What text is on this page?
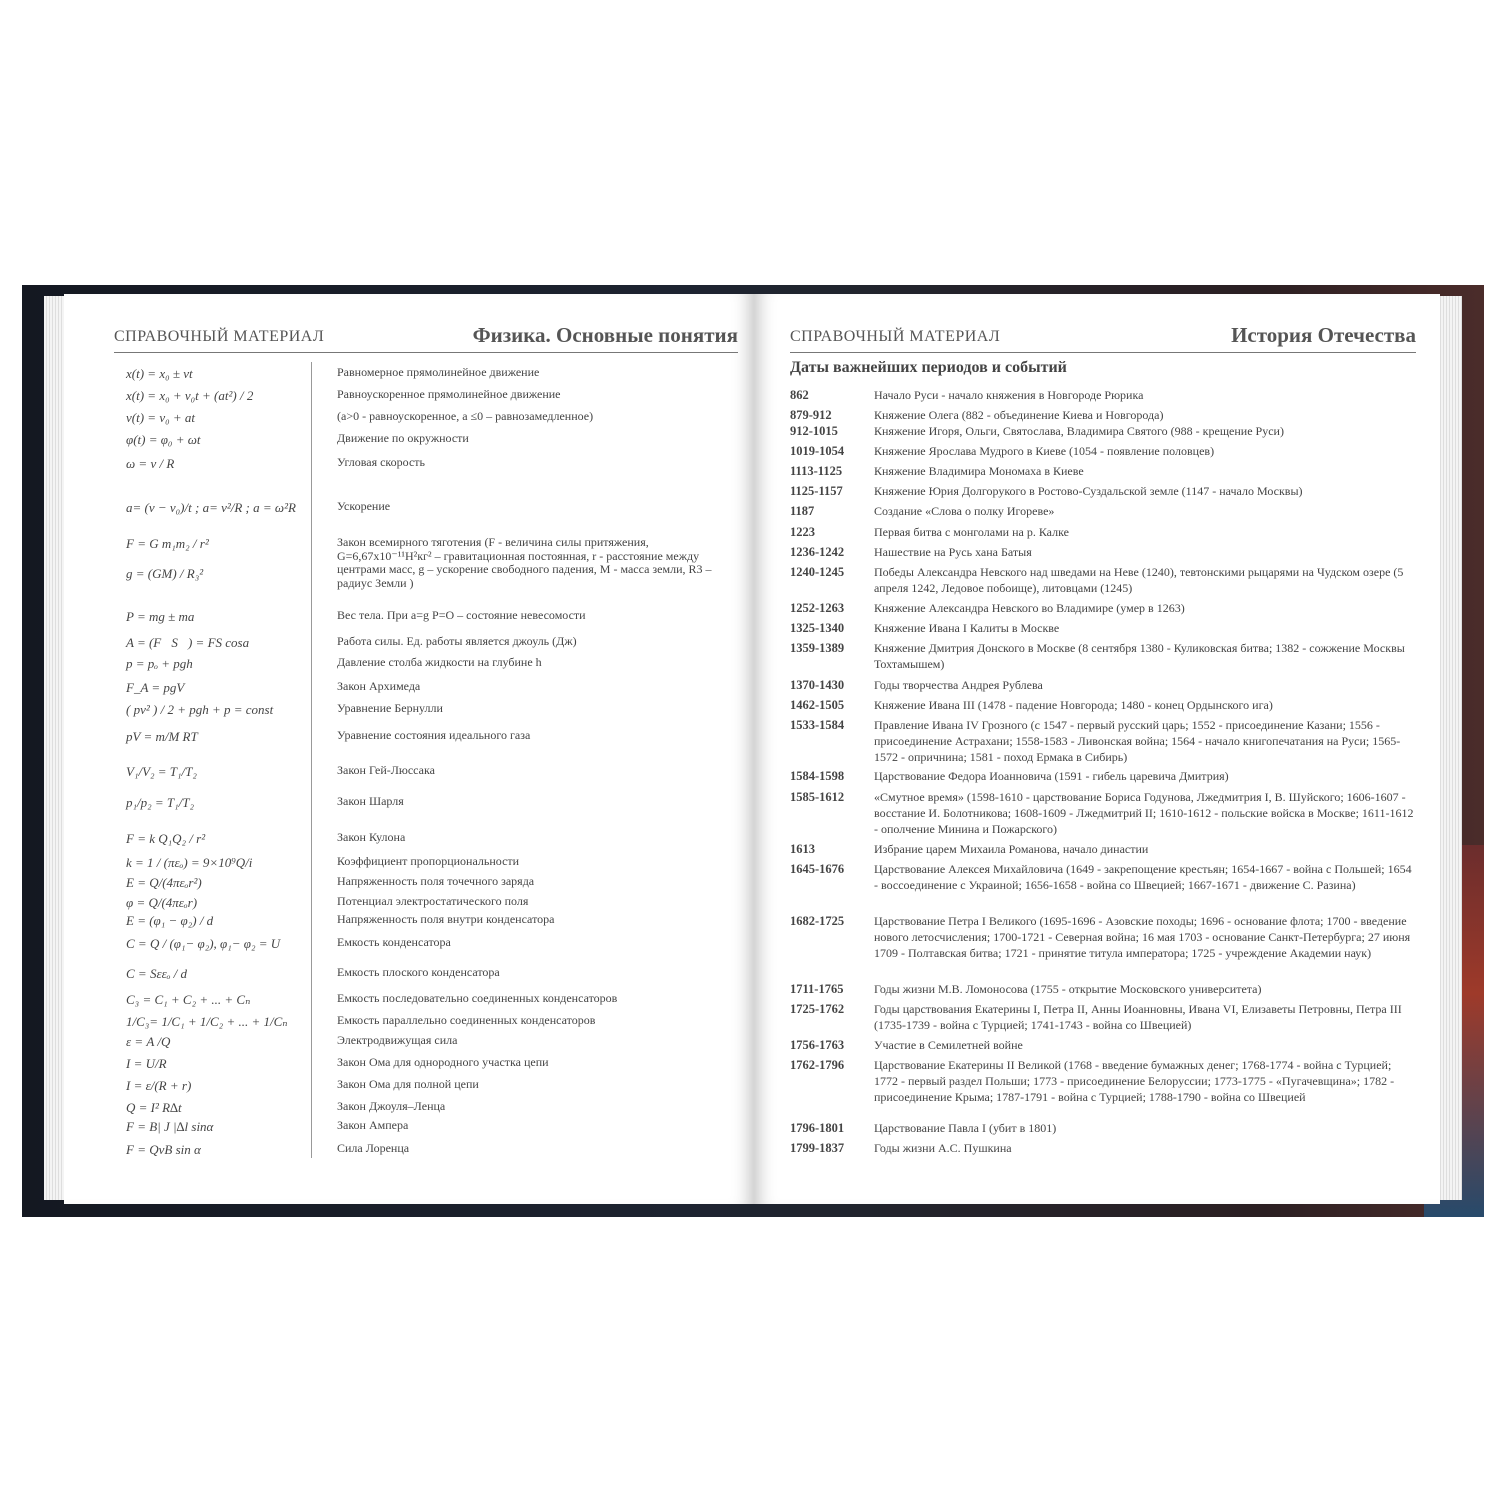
СПРАВОЧНЫЙ МАТЕРИАЛ	Физика. Основные понятия	СПРАВОЧНЫЙ МАТЕРИАЛ	История Отечества
x(t) = x₀ ± vt	Равномерное прямолинейное движение
x(t) = x₀ + v₀t + (at²) / 2	Равноускоренное прямолинейное движение
v(t) = v₀ + at	(a>0 - равноускоренное, a ≤0 – равнозамедленное)
φ(t) = φ₀ + ωt	Движение по окружности
ω = v / R	Угловая скорость
a= (v − v₀)/t ; a= v²/R ; a = ω²R	Ускорение
F = G m₁m₂ / r²	Закон всемирного тяготения (F - величина силы притяжения, G=6,67x10⁻¹¹Н²кг² – гравитационная постоянная, r - расстояние между центрами масс, g – ускорение свободного падения, М - масса земли, R3 – радиус Земли )
g = (GM) / R₃²
P = mg ± ma	Вес тела. При a=g P=O – состояние невесомости
A = (F⃗S⃗) = FS cosa	Работа силы. Ед. работы является джоуль (Дж)
p = pₒ + pgh	Давление столба жидкости на глубине h
F_A = pgV	Закон Архимеда
( pv² ) / 2 + pgh + p = const	Уравнение Бернулли
pV = m/M RT	Уравнение состояния идеального газа
V₁/V₂ = T₁/T₂	Закон Гей-Люссака
p₁/p₂ = T₁/T₂	Закон Шарля
F = k Q₁Q₂ / r²	Закон Кулона
k = 1 / (πεₒ) = 9×10⁹Q/i	Коэффициент пропорциональности
E = Q/(4πεₒr²)	Напряженность поля точечного заряда
φ = Q/(4πεₒr)	Потенциал электростатического поля
E = (φ₁ − φ₂) / d	Напряженность поля внутри конденсатора
C = Q / (φ₁− φ₂), φ₁− φ₂ = U	Емкость конденсатора
C = Sεεₒ / d	Емкость плоского конденсатора
C₃ = C₁ + C₂ + ... + Cₙ	Емкость последовательно соединенных конденсаторов
1/C₃= 1/C₁ + 1/C₂ + ... + 1/Cₙ	Емкость параллельно соединенных конденсаторов
ε = A /Q	Электродвижущая сила
I = U/R	Закон Ома для однородного участка цепи
I = ε/(R + r)	Закон Ома для полной цепи
Q = I² R∆t	Закон Джоуля–Ленца
F = B| J |∆l sinα	Закон Ампера
F = QvB sin α	Сила Лоренца
Даты важнейших периодов и событий
862	Начало Руси - начало княжения в Новгороде Рюрика
879-912	Княжение Олега (882 - объединение Киева и Новгорода)
912-1015	Княжение Игоря, Ольги, Святослава, Владимира Святого (988 - крещение Руси)
1019-1054	Княжение Ярослава Мудрого в Киеве (1054 - появление половцев)
1113-1125	Княжение Владимира Мономаха в Киеве
1125-1157	Княжение Юрия Долгорукого в Ростово-Суздальской земле (1147 - начало Москвы)
1187	Создание «Слова о полку Игореве»
1223	Первая битва с монголами на р. Калке
1236-1242	Нашествие на Русь хана Батыя
1240-1245	Победы Александра Невского над шведами на Неве (1240), тевтонскими рыцарями на Чудском озере (5 апреля 1242, Ледовое побоище), литовцами (1245)
1252-1263	Княжение Александра Невского во Владимире (умер в 1263)
1325-1340	Княжение Ивана I Калиты в Москве
1359-1389	Княжение Дмитрия Донского в Москве (8 сентября 1380 - Куликовская битва; 1382 - сожжение Москвы Тохтамышем)
1370-1430	Годы творчества Андрея Рублева
1462-1505	Княжение Ивана III (1478 - падение Новгорода; 1480 - конец Ордынского ига)
1533-1584	Правление Ивана IV Грозного (с 1547 - первый русский царь; 1552 - присоединение Казани; 1556 - присоединение Астрахани; 1558-1583 - Ливонская война; 1564 - начало книгопечатания на Руси; 1565-1572 - опричнина; 1581 - поход Ермака в Сибирь)
1584-1598	Царствование Федора Иоанновича (1591 - гибель царевича Дмитрия)
1585-1612	«Смутное время» (1598-1610 - царствование Бориса Годунова, Лжедмитрия I, В. Шуйского; 1606-1607 - восстание И. Болотникова; 1608-1609 - Лжедмитрий II; 1610-1612 - польские войска в Москве; 1611-1612 - ополчение Минина и Пожарского)
1613	Избрание царем Михаила Романова, начало династии
1645-1676	Царствование Алексея Михайловича (1649 - закрепощение крестьян; 1654-1667 - война с Польшей; 1654 - воссоединение с Украиной; 1656-1658 - война со Швецией; 1667-1671 - движение С. Разина)
1682-1725	Царствование Петра I Великого (1695-1696 - Азовские походы; 1696 - основание флота; 1700 - введение нового летосчисления; 1700-1721 - Северная война; 16 мая 1703 - основание Санкт-Петербурга; 27 июня 1709 - Полтавская битва; 1721 - принятие титула императора; 1725 - учреждение Академии наук)
1711-1765	Годы жизни М.В. Ломоносова (1755 - открытие Московского университета)
1725-1762	Годы царствования Екатерины I, Петра II, Анны Иоанновны, Ивана VI, Елизаветы Петровны, Петра III (1735-1739 - война с Турцией; 1741-1743 - война со Швецией)
1756-1763	Участие в Семилетней войне
1762-1796	Царствование Екатерины II Великой (1768 - введение бумажных денег; 1768-1774 - война с Турцией; 1772 - первый раздел Польши; 1773 - присоединение Белоруссии; 1773-1775 - «Пугачевщина»; 1782 - присоединение Крыма; 1787-1791 - война с Турцией; 1788-1790 - война со Швецией
1796-1801	Царствование Павла I (убит в 1801)
1799-1837	Годы жизни А.С. Пушкина
